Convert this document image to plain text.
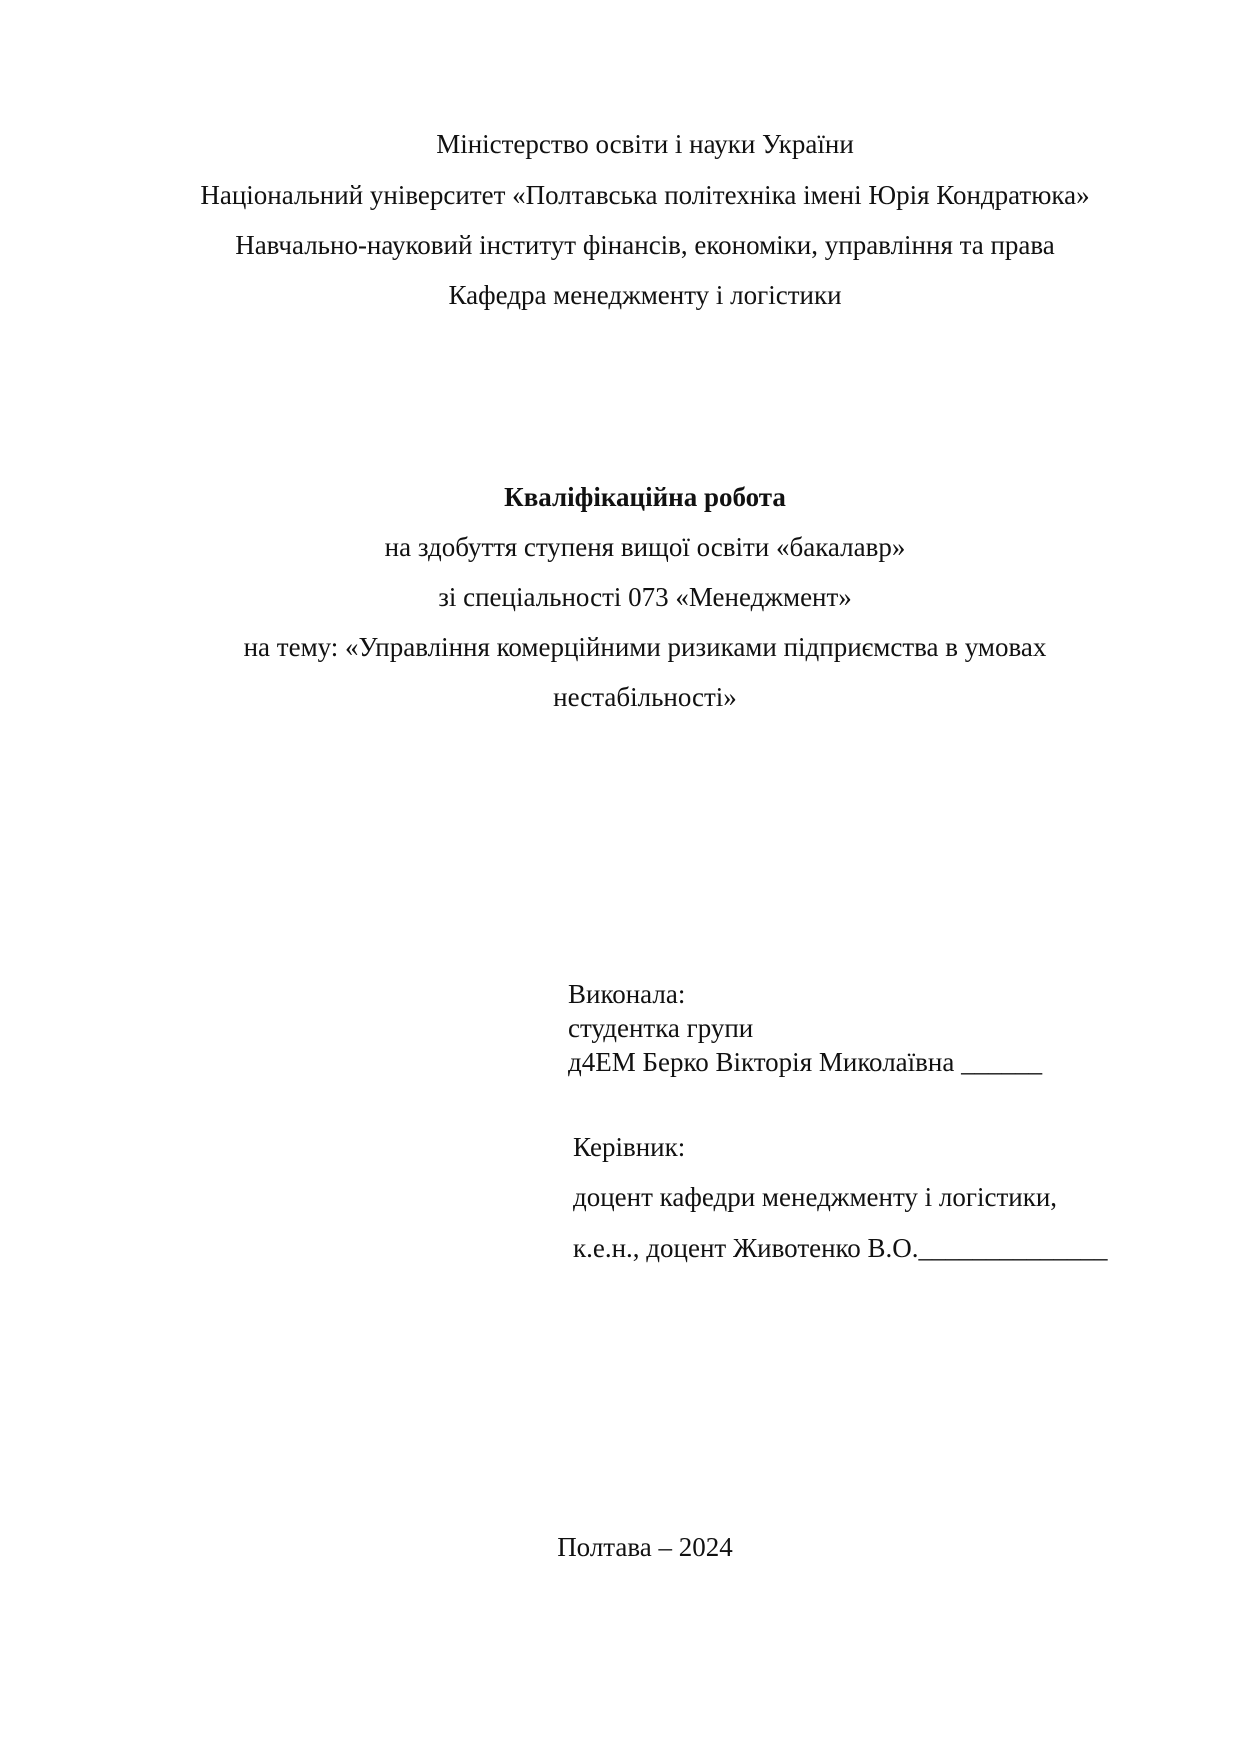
Міністерство освіти і науки України
Національний університет «Полтавська політехніка імені Юрія Кондратюка»
Навчально-науковий інститут фінансів, економіки, управління та права
Кафедра менеджменту і логістики
Кваліфікаційна робота
на здобуття ступеня вищої освіти «бакалавр»
зі спеціальності 073 «Менеджмент»
на тему: «Управління комерційними ризиками підприємства в умовах
нестабільності»
Виконала:
студентка групи
д4ЕМ Берко Вікторія Миколаївна ______
Керівник:
доцент кафедри менеджменту і логістики,
к.е.н., доцент Животенко В.О.______________
Полтава – 2024
